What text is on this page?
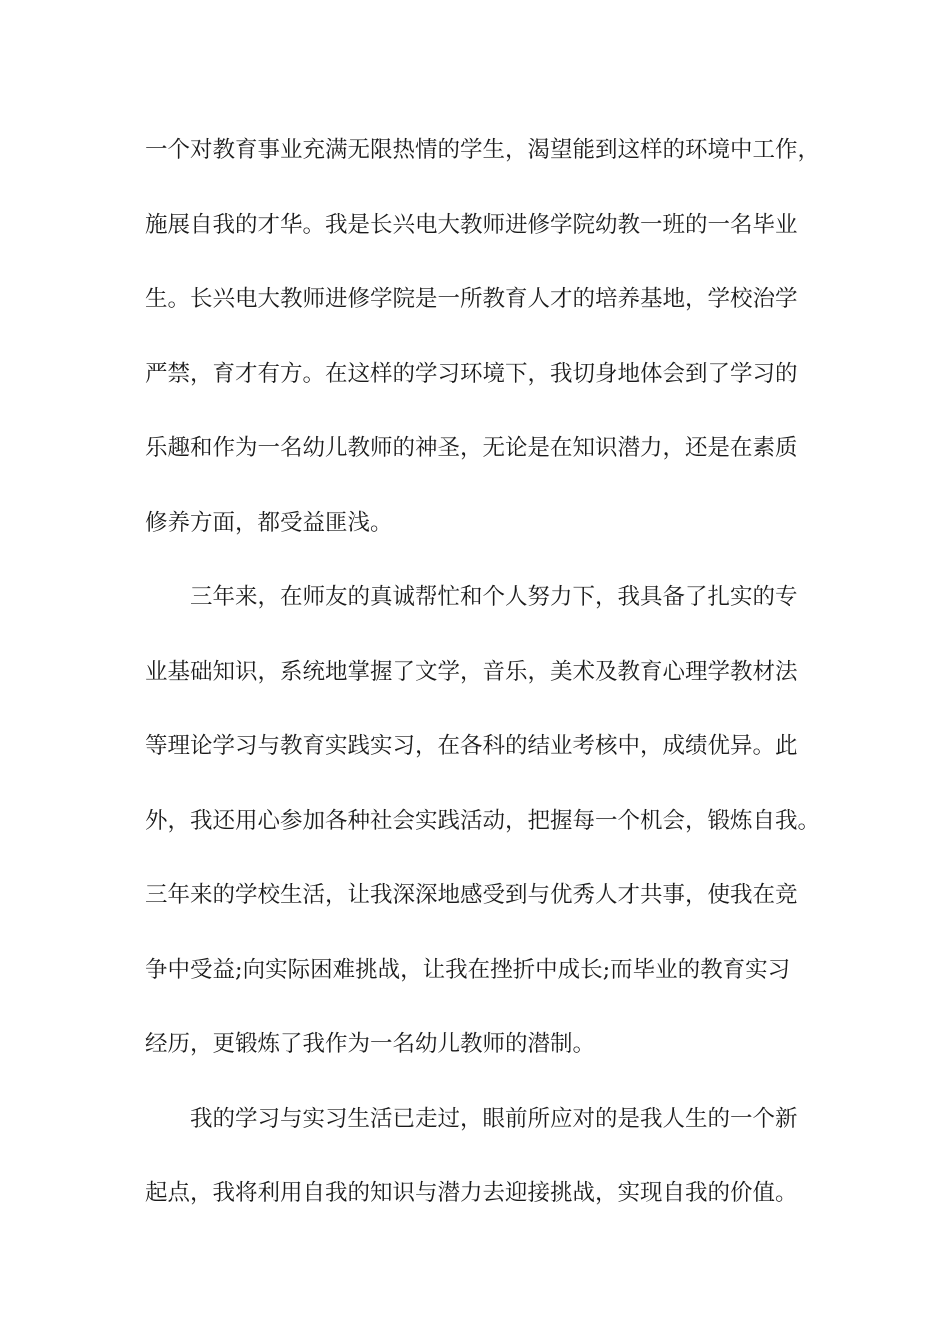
一个对教育事业充满无限热情的学生，渴望能到这样的环境中工作，
施展自我的才华。我是长兴电大教师进修学院幼教一班的一名毕业
生。长兴电大教师进修学院是一所教育人才的培养基地，学校治学
严禁，育才有方。在这样的学习环境下，我切身地体会到了学习的
乐趣和作为一名幼儿教师的神圣，无论是在知识潜力，还是在素质
修养方面，都受益匪浅。
三年来，在师友的真诚帮忙和个人努力下，我具备了扎实的专
业基础知识，系统地掌握了文学，音乐，美术及教育心理学教材法
等理论学习与教育实践实习，在各科的结业考核中，成绩优异。此
外，我还用心参加各种社会实践活动，把握每一个机会，锻炼自我。
三年来的学校生活，让我深深地感受到与优秀人才共事，使我在竞
争中受益;向实际困难挑战，让我在挫折中成长;而毕业的教育实习
经历，更锻炼了我作为一名幼儿教师的潜制。
我的学习与实习生活已走过，眼前所应对的是我人生的一个新
起点，我将利用自我的知识与潜力去迎接挑战，实现自我的价值。
